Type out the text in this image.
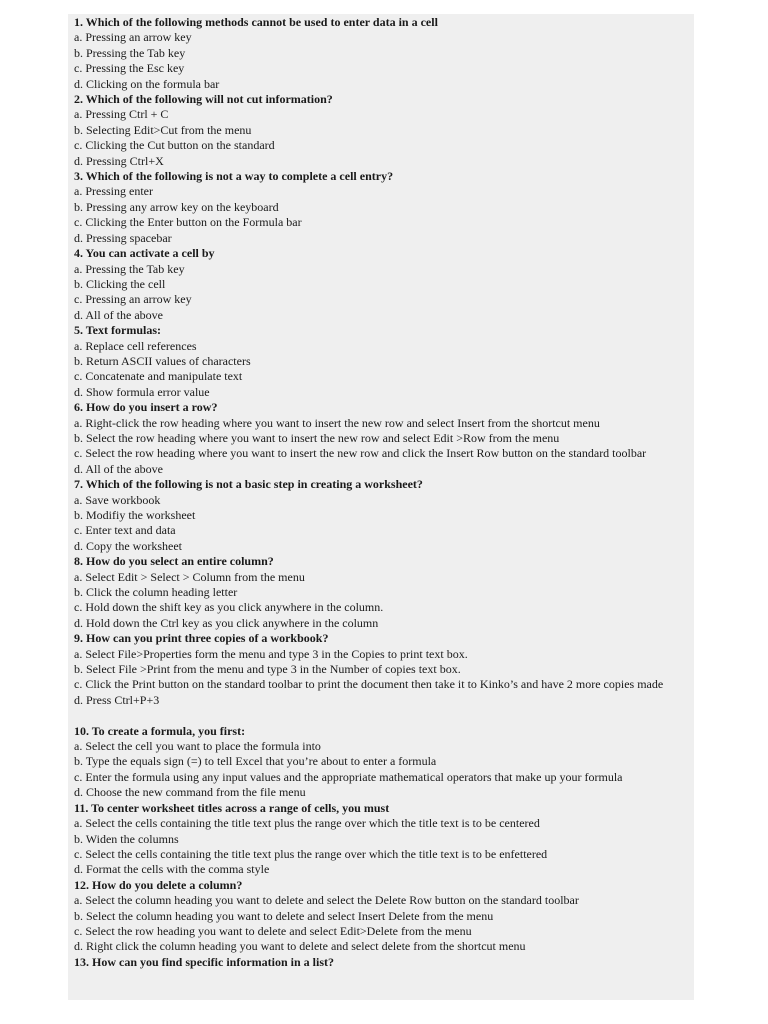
1. Which of the following methods cannot be used to enter data in a cell
a. Pressing an arrow key
b. Pressing the Tab key
c. Pressing the Esc key
d. Clicking on the formula bar
2. Which of the following will not cut information?
a. Pressing Ctrl + C
b. Selecting Edit>Cut from the menu
c. Clicking the Cut button on the standard
d. Pressing Ctrl+X
3. Which of the following is not a way to complete a cell entry?
a. Pressing enter
b. Pressing any arrow key on the keyboard
c. Clicking the Enter button on the Formula bar
d. Pressing spacebar
4. You can activate a cell by
a. Pressing the Tab key
b. Clicking the cell
c. Pressing an arrow key
d. All of the above
5. Text formulas:
a. Replace cell references
b. Return ASCII values of characters
c. Concatenate and manipulate text
d. Show formula error value
6. How do you insert a row?
a. Right-click the row heading where you want to insert the new row and select Insert from the shortcut menu
b. Select the row heading where you want to insert the new row and select Edit >Row from the menu
c. Select the row heading where you want to insert the new row and click the Insert Row button on the standard toolbar
d. All of the above
7. Which of the following is not a basic step in creating a worksheet?
a. Save workbook
b. Modifiy the worksheet
c. Enter text and data
d. Copy the worksheet
8. How do you select an entire column?
a. Select Edit > Select > Column from the menu
b. Click the column heading letter
c. Hold down the shift key as you click anywhere in the column.
d. Hold down the Ctrl key as you click anywhere in the column
9. How can you print three copies of a workbook?
a. Select File>Properties form the menu and type 3 in the Copies to print text box.
b. Select File >Print from the menu and type 3 in the Number of copies text box.
c. Click the Print button on the standard toolbar to print the document then take it to Kinko’s and have 2 more copies made
d. Press Ctrl+P+3
10. To create a formula, you first:
a. Select the cell you want to place the formula into
b. Type the equals sign (=) to tell Excel that you’re about to enter a formula
c. Enter the formula using any input values and the appropriate mathematical operators that make up your formula
d. Choose the new command from the file menu
11. To center worksheet titles across a range of cells, you must
a. Select the cells containing the title text plus the range over which the title text is to be centered
b. Widen the columns
c. Select the cells containing the title text plus the range over which the title text is to be enfettered
d. Format the cells with the comma style
12. How do you delete a column?
a. Select the column heading you want to delete and select the Delete Row button on the standard toolbar
b. Select the column heading you want to delete and select Insert Delete from the menu
c. Select the row heading you want to delete and select Edit>Delete from the menu
d. Right click the column heading you want to delete and select delete from the shortcut menu
13. How can you find specific information in a list?
